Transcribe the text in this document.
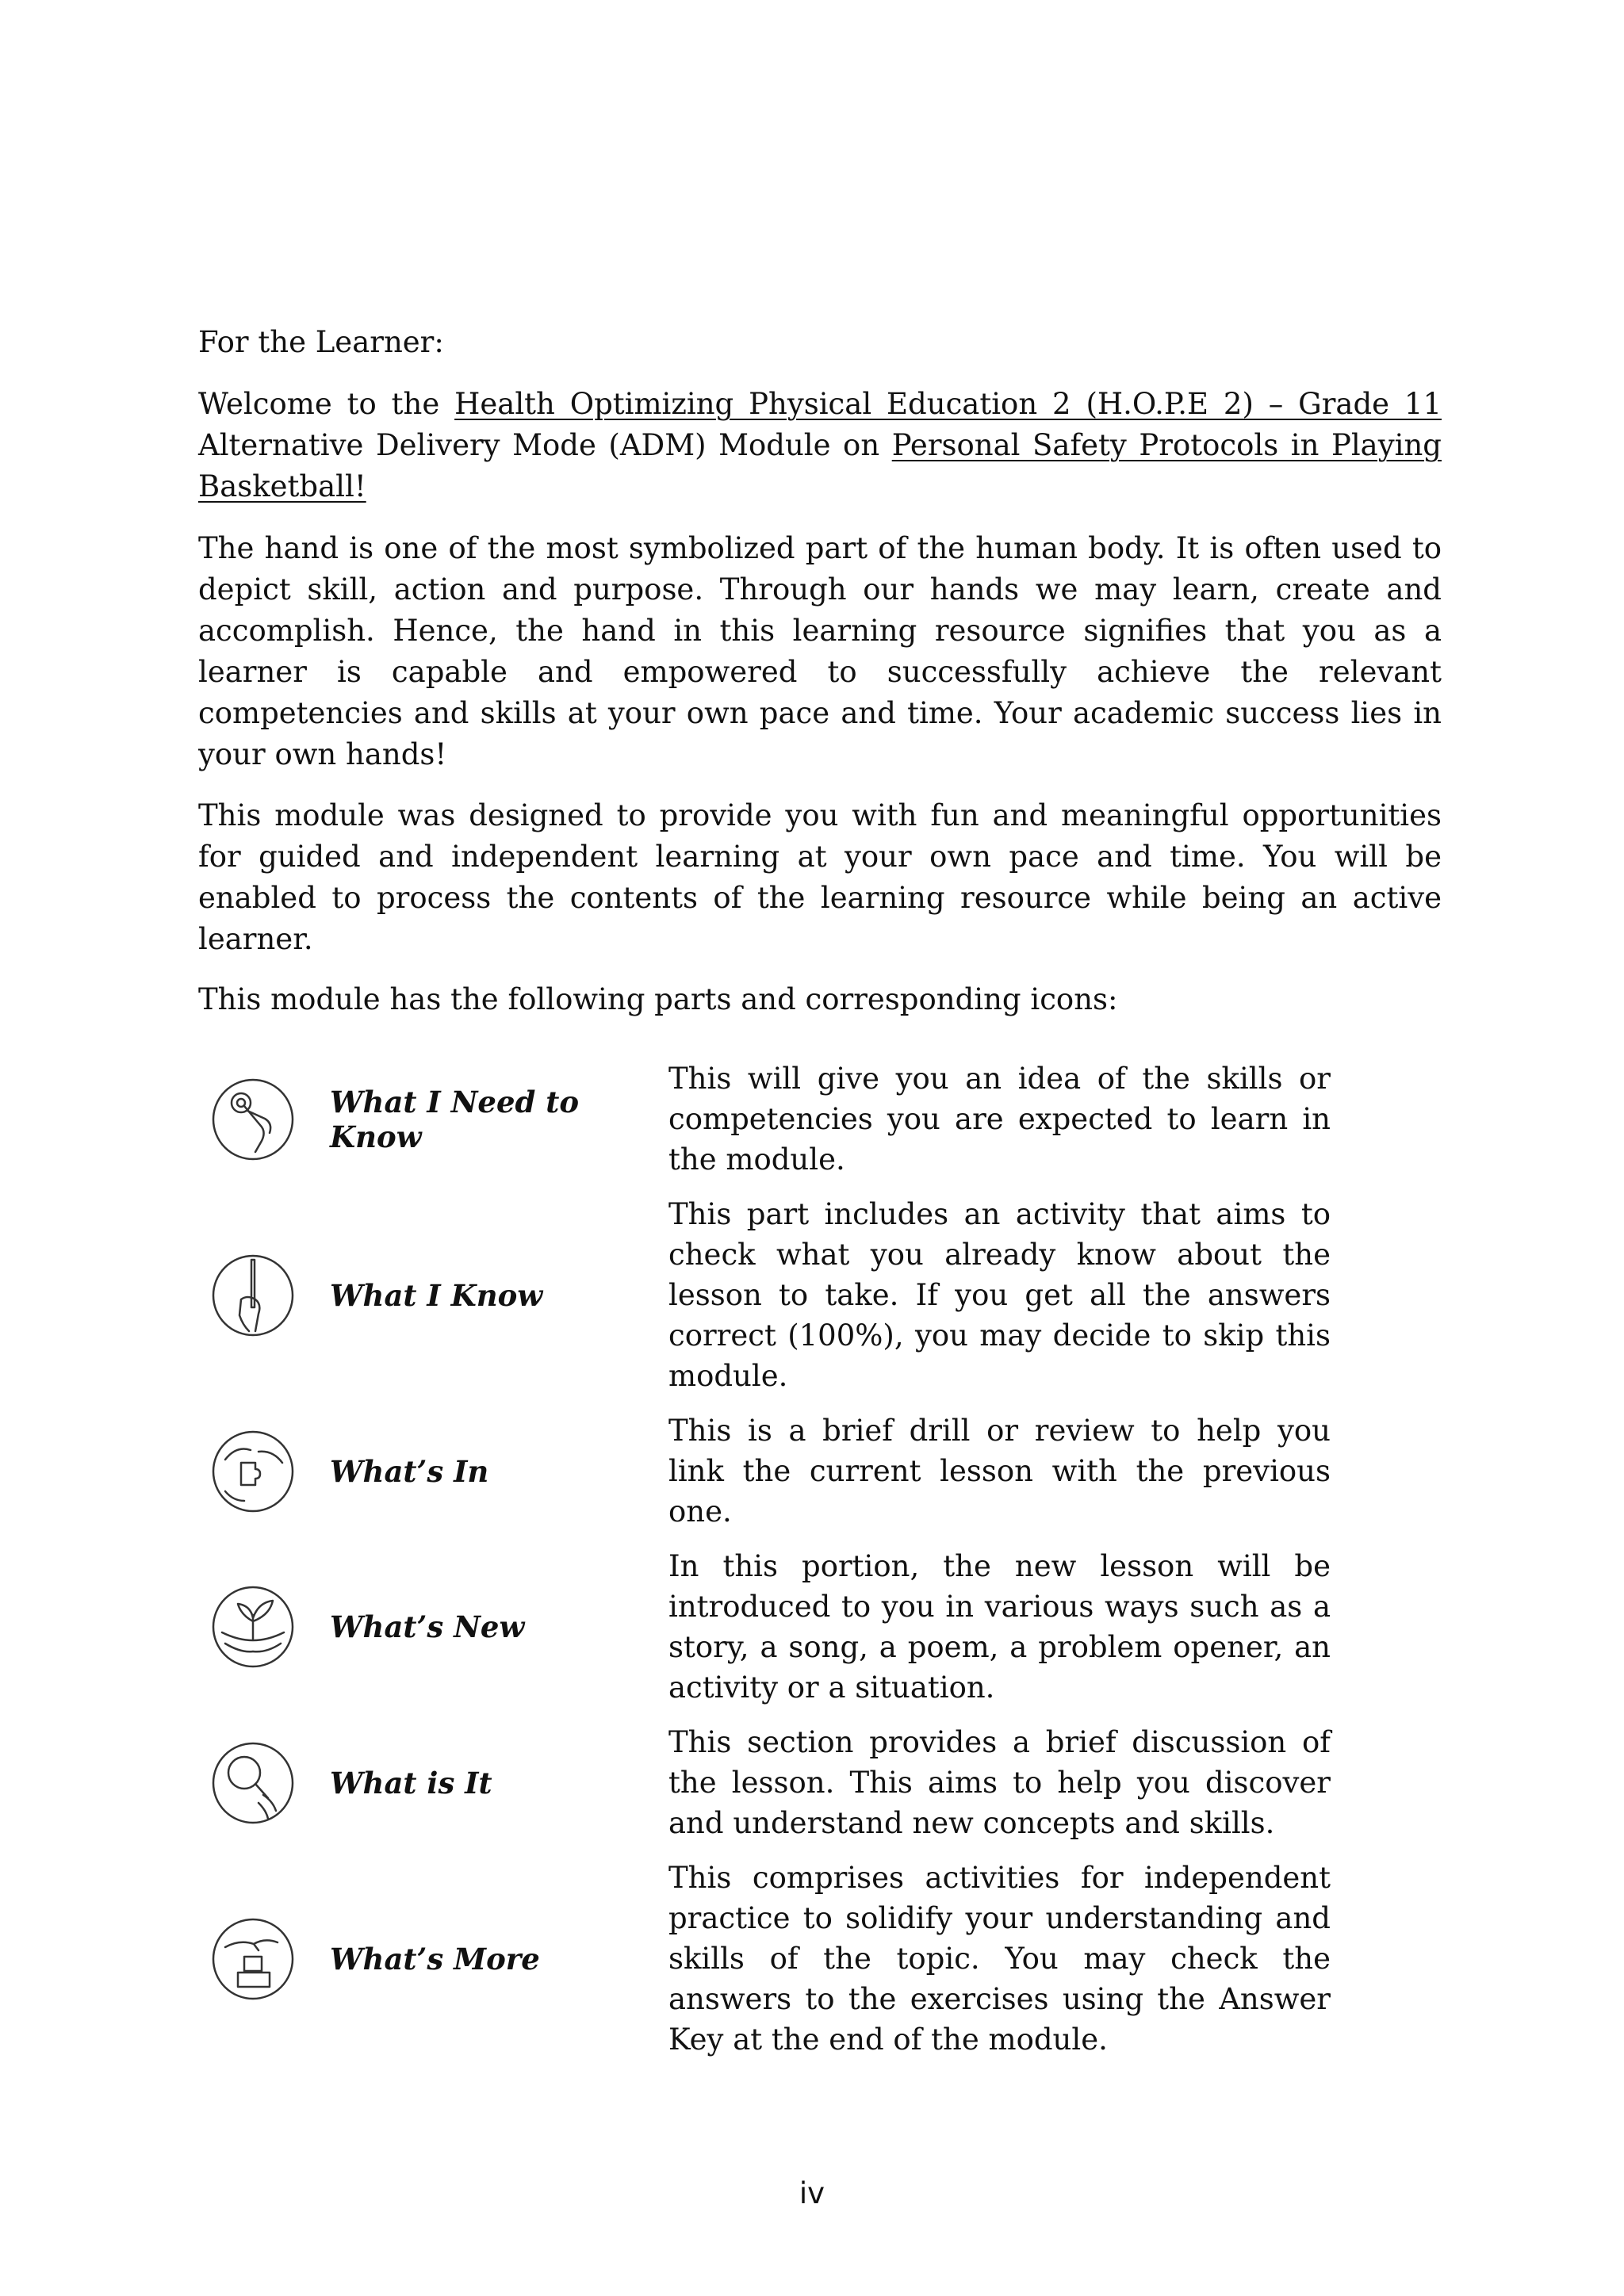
For the Learner:

Welcome to the Health Optimizing Physical Education 2 (H.O.P.E 2) – Grade 11 Alternative Delivery Mode (ADM) Module on Personal Safety Protocols in Playing Basketball!

The hand is one of the most symbolized part of the human body. It is often used to depict skill, action and purpose. Through our hands we may learn, create and accomplish. Hence, the hand in this learning resource signifies that you as a learner is capable and empowered to successfully achieve the relevant competencies and skills at your own pace and time. Your academic success lies in your own hands!

This module was designed to provide you with fun and meaningful opportunities for guided and independent learning at your own pace and time. You will be enabled to process the contents of the learning resource while being an active learner.

This module has the following parts and corresponding icons:

What I Need to Know
This will give you an idea of the skills or competencies you are expected to learn in the module.
What I Know
This part includes an activity that aims to check what you already know about the lesson to take. If you get all the answers correct (100%), you may decide to skip this module.
What’s In
This is a brief drill or review to help you link the current lesson with the previous one.
What’s New
In this portion, the new lesson will be introduced to you in various ways such as a story, a song, a poem, a problem opener, an activity or a situation.
What is It
This section provides a brief discussion of the lesson. This aims to help you discover and understand new concepts and skills.
What’s More
This comprises activities for independent practice to solidify your understanding and skills of the topic. You may check the answers to the exercises using the Answer Key at the end of the module.
iv
